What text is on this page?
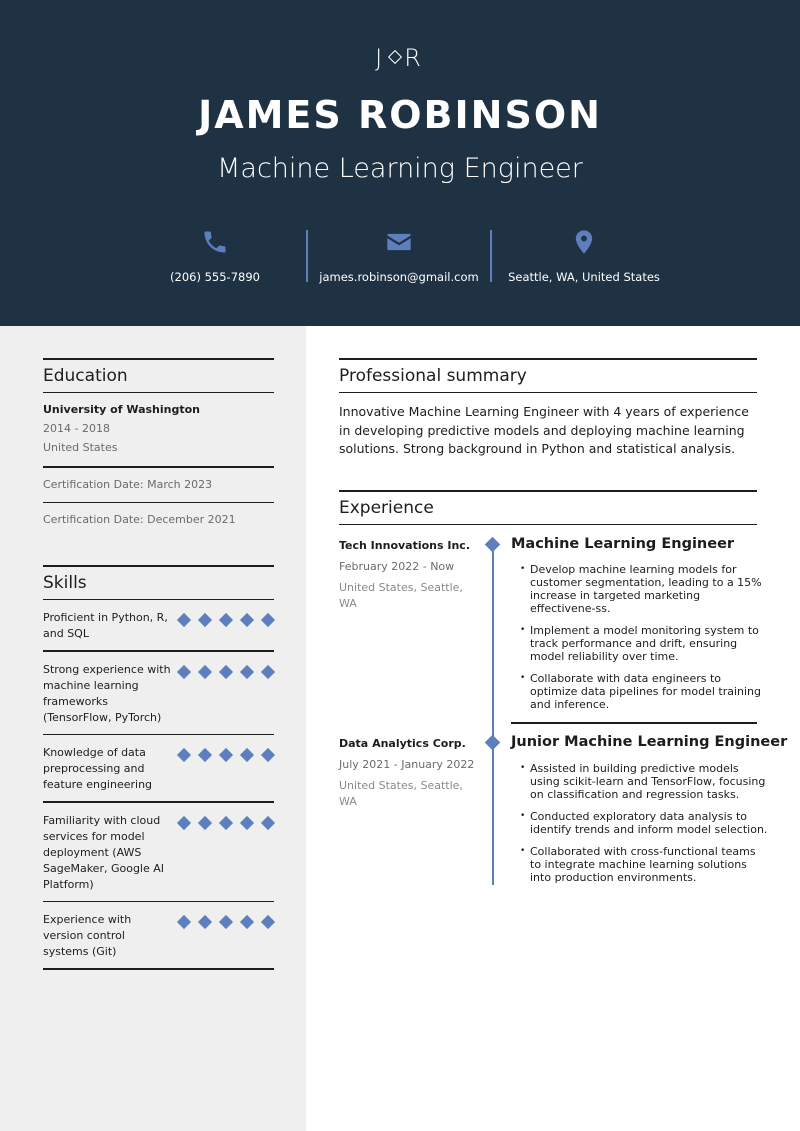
J R
JAMES ROBINSON
Machine Learning Engineer
(206) 555-7890	james.robinson@gmail.com	Seattle, WA, United States
Education
University of Washington
2014 - 2018
United States
Certification Date: March 2023
Certification Date: December 2021
Skills
Proficient in Python, R, and SQL
Strong experience with machine learning frameworks (TensorFlow, PyTorch)
Knowledge of data preprocessing and feature engineering
Familiarity with cloud services for model deployment (AWS SageMaker, Google AI Platform)
Experience with version control systems (Git)
Professional summary
Innovative Machine Learning Engineer with 4 years of experience in developing predictive models and deploying machine learning solutions. Strong background in Python and statistical analysis.
Experience
Tech Innovations Inc.
February 2022 - Now
United States, Seattle, WA
Machine Learning Engineer
• Develop machine learning models for customer segmentation, leading to a 15% increase in targeted marketing effectivene-ss.
• Implement a model monitoring system to track performance and drift, ensuring model reliability over time.
• Collaborate with data engineers to optimize data pipelines for model training and inference.
Data Analytics Corp.
July 2021 - January 2022
United States, Seattle, WA
Junior Machine Learning Engineer
• Assisted in building predictive models using scikit-learn and TensorFlow, focusing on classification and regression tasks.
• Conducted exploratory data analysis to identify trends and inform model selection.
• Collaborated with cross-functional teams to integrate machine learning solutions into production environments.
